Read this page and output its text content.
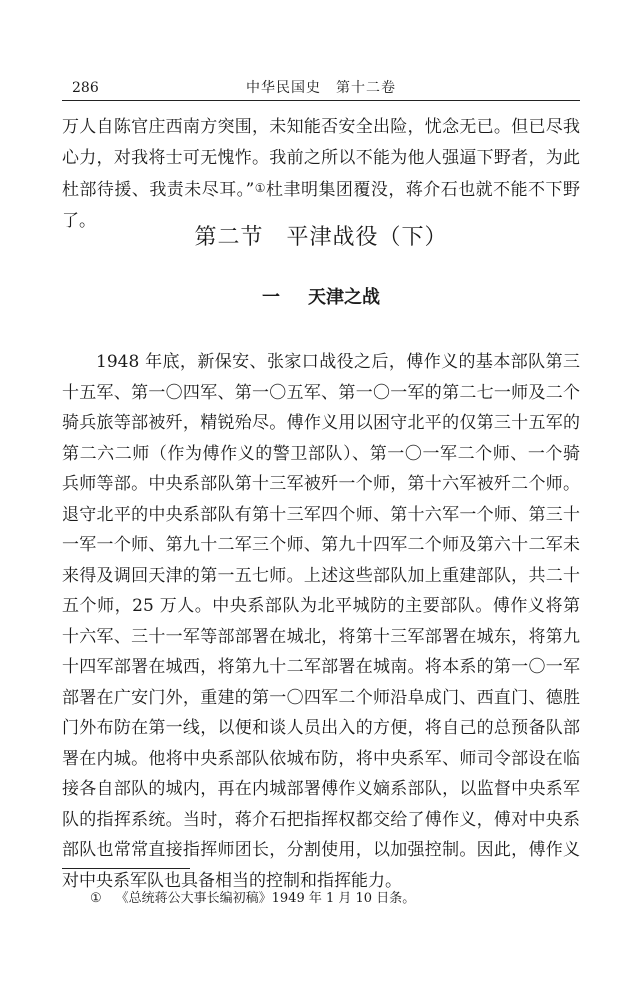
286	中华民国史　第十二卷

万人自陈官庄西南方突围，未知能否安全出险，忧念无已。但已尽我心力，对我将士可无愧怍。我前之所以不能为他人强逼下野者，为此杜部待援、我责未尽耳。”①杜聿明集团覆没，蒋介石也就不能不下野了。

第二节　平津战役（下）
一 天津之战

1948 年底，新保安、张家口战役之后，傅作义的基本部队第三十五军、第一〇四军、第一〇五军、第一〇一军的第二七一师及二个骑兵旅等部被歼，精锐殆尽。傅作义用以困守北平的仅第三十五军的第二六二师（作为傅作义的警卫部队）、第一〇一军二个师、一个骑兵师等部。中央系部队第十三军被歼一个师，第十六军被歼二个师。退守北平的中央系部队有第十三军四个师、第十六军一个师、第三十一军一个师、第九十二军三个师、第九十四军二个师及第六十二军未来得及调回天津的第一五七师。上述这些部队加上重建部队，共二十五个师，25 万人。中央系部队为北平城防的主要部队。傅作义将第十六军、三十一军等部部署在城北，将第十三军部署在城东，将第九十四军部署在城西，将第九十二军部署在城南。将本系的第一〇一军部署在广安门外，重建的第一〇四军二个师沿阜成门、西直门、德胜门外布防在第一线，以便和谈人员出入的方便，将自己的总预备队部署在内城。他将中央系部队依城布防，将中央系军、师司令部设在临接各自部队的城内，再在内城部署傅作义嫡系部队，以监督中央系军队的指挥系统。当时，蒋介石把指挥权都交给了傅作义，傅对中央系部队也常常直接指挥师团长，分割使用，以加强控制。因此，傅作义对中央系军队也具备相当的控制和指挥能力。

① 《总统蒋公大事长编初稿》1949 年 1 月 10 日条。
